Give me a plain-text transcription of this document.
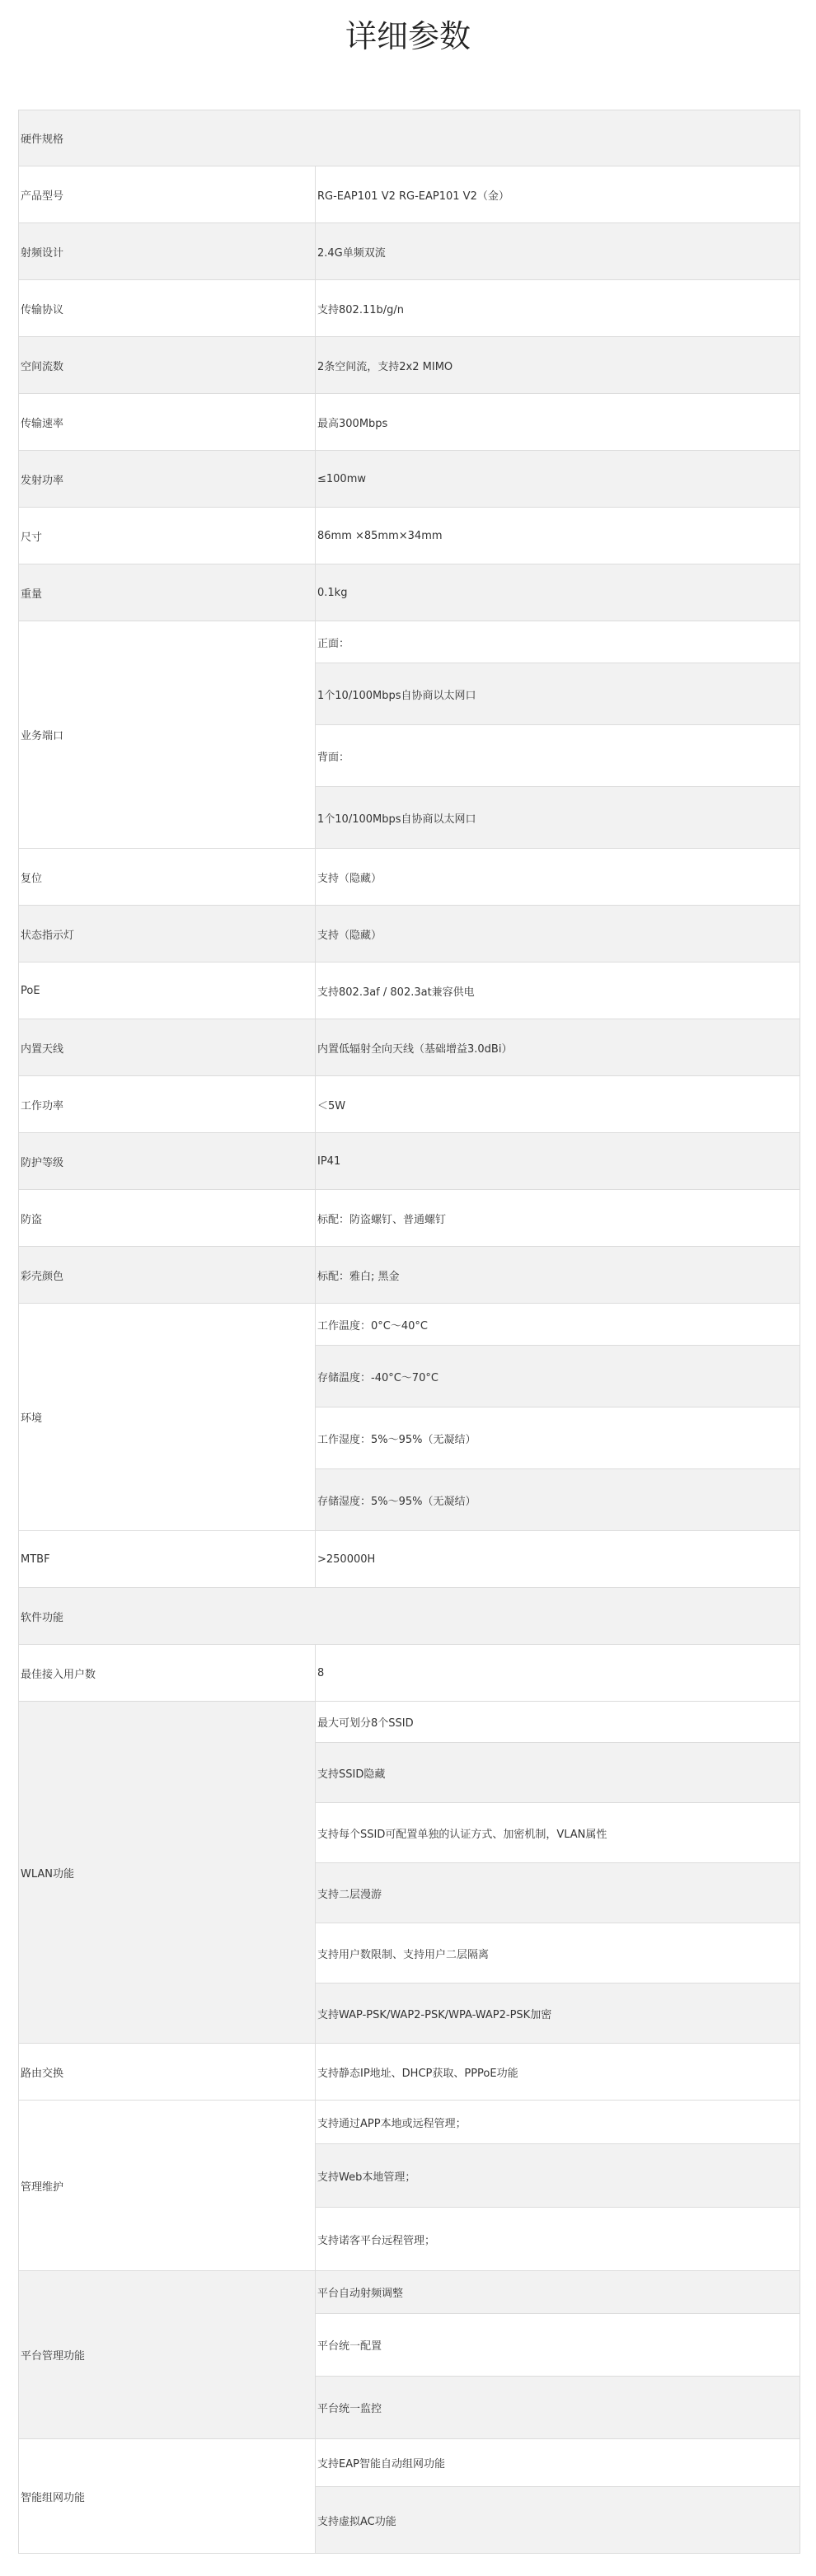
详细参数
硬件规格	
产品型号	RG-EAP101 V2 RG-EAP101 V2（金）
射频设计	2.4G单频双流
传输协议	支持802.11b/g/n
空间流数	2条空间流，支持2x2 MIMO
传输速率	最高300Mbps
发射功率	≤100mw
尺寸	86mm ×85mm×34mm
重量	0.1kg
业务端口	正面：
	1个10/100Mbps自协商以太网口
	背面：
	1个10/100Mbps自协商以太网口
复位	支持（隐藏）
状态指示灯	支持（隐藏）
PoE	支持802.3af / 802.3at兼容供电
内置天线	内置低辐射全向天线（基础增益3.0dBi）
工作功率	＜5W
防护等级	IP41
防盗	标配：防盗螺钉、普通螺钉
彩壳颜色	标配：雅白; 黑金
环境	工作温度：0°C～40°C
	存储温度：-40°C～70°C
	工作湿度：5%～95%（无凝结）
	存储湿度：5%～95%（无凝结）
MTBF	>250000H
软件功能	
最佳接入用户数	8
WLAN功能	最大可划分8个SSID
	支持SSID隐藏
	支持每个SSID可配置单独的认证方式、加密机制，VLAN属性
	支持二层漫游
	支持用户数限制、支持用户二层隔离
	支持WAP-PSK/WAP2-PSK/WPA-WAP2-PSK加密
路由交换	支持静态IP地址、DHCP获取、PPPoE功能
管理维护	支持通过APP本地或远程管理；
	支持Web本地管理；
	支持诺客平台远程管理；
平台管理功能	平台自动射频调整
	平台统一配置
	平台统一监控
智能组网功能	支持EAP智能自动组网功能
	支持虚拟AC功能
